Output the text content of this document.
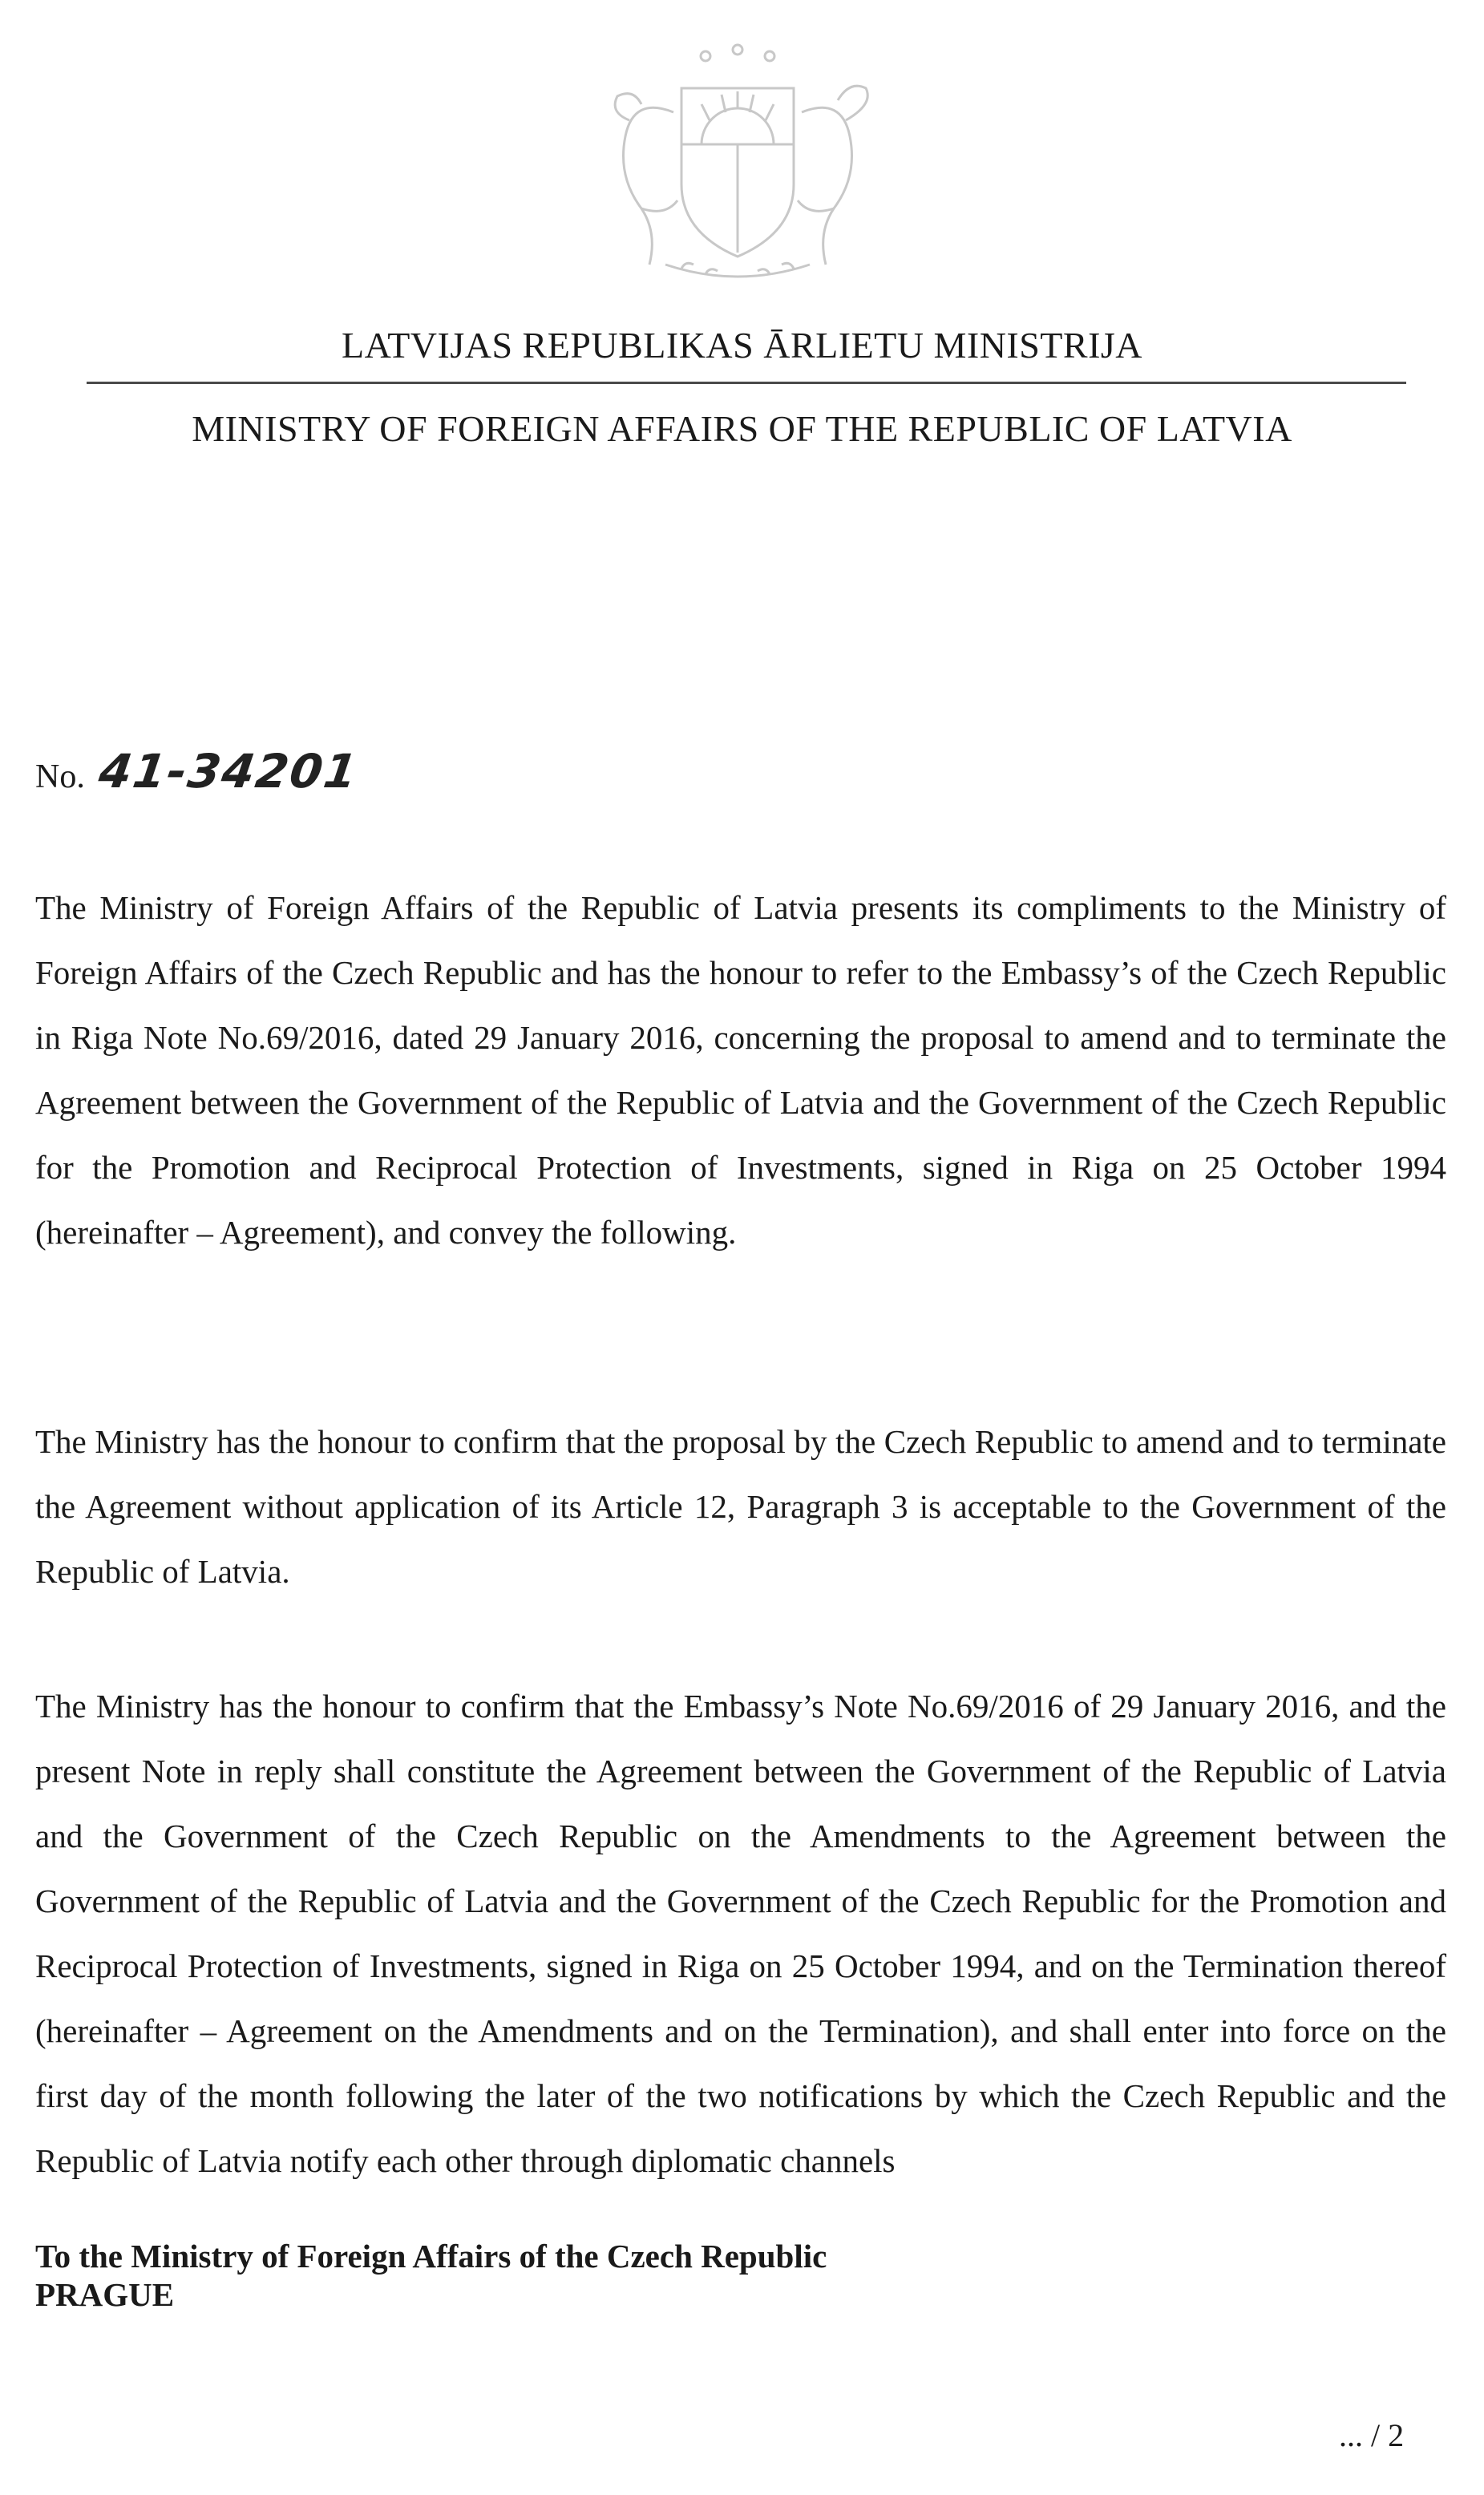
LATVIJAS REPUBLIKAS ĀRLIETU MINISTRIJA
MINISTRY OF FOREIGN AFFAIRS OF THE REPUBLIC OF LATVIA
No. 41-34201
The Ministry of Foreign Affairs of the Republic of Latvia presents its compliments to the Ministry of Foreign Affairs of the Czech Republic and has the honour to refer to the Embassy’s of the Czech Republic in Riga Note No.69/2016, dated 29 January 2016, concerning the proposal to amend and to terminate the Agreement between the Government of the Republic of Latvia and the Government of the Czech Republic for the Promotion and Reciprocal Protection of Investments, signed in Riga on 25 October 1994 (hereinafter – Agreement), and convey the following.
The Ministry has the honour to confirm that the proposal by the Czech Republic to amend and to terminate the Agreement without application of its Article 12, Paragraph 3 is acceptable to the Government of the Republic of Latvia.
The Ministry has the honour to confirm that the Embassy’s Note No.69/2016 of 29 January 2016, and the present Note in reply shall constitute the Agreement between the Government of the Republic of Latvia and the Government of the Czech Republic on the Amendments to the Agreement between the Government of the Republic of Latvia and the Government of the Czech Republic for the Promotion and Reciprocal Protection of Investments, signed in Riga on 25 October 1994, and on the Termination thereof (hereinafter – Agreement on the Amendments and on the Termination), and shall enter into force on the first day of the month following the later of the two notifications by which the Czech Republic and the Republic of Latvia notify each other through diplomatic channels
To the Ministry of Foreign Affairs of the Czech Republic
PRAGUE
... / 2
